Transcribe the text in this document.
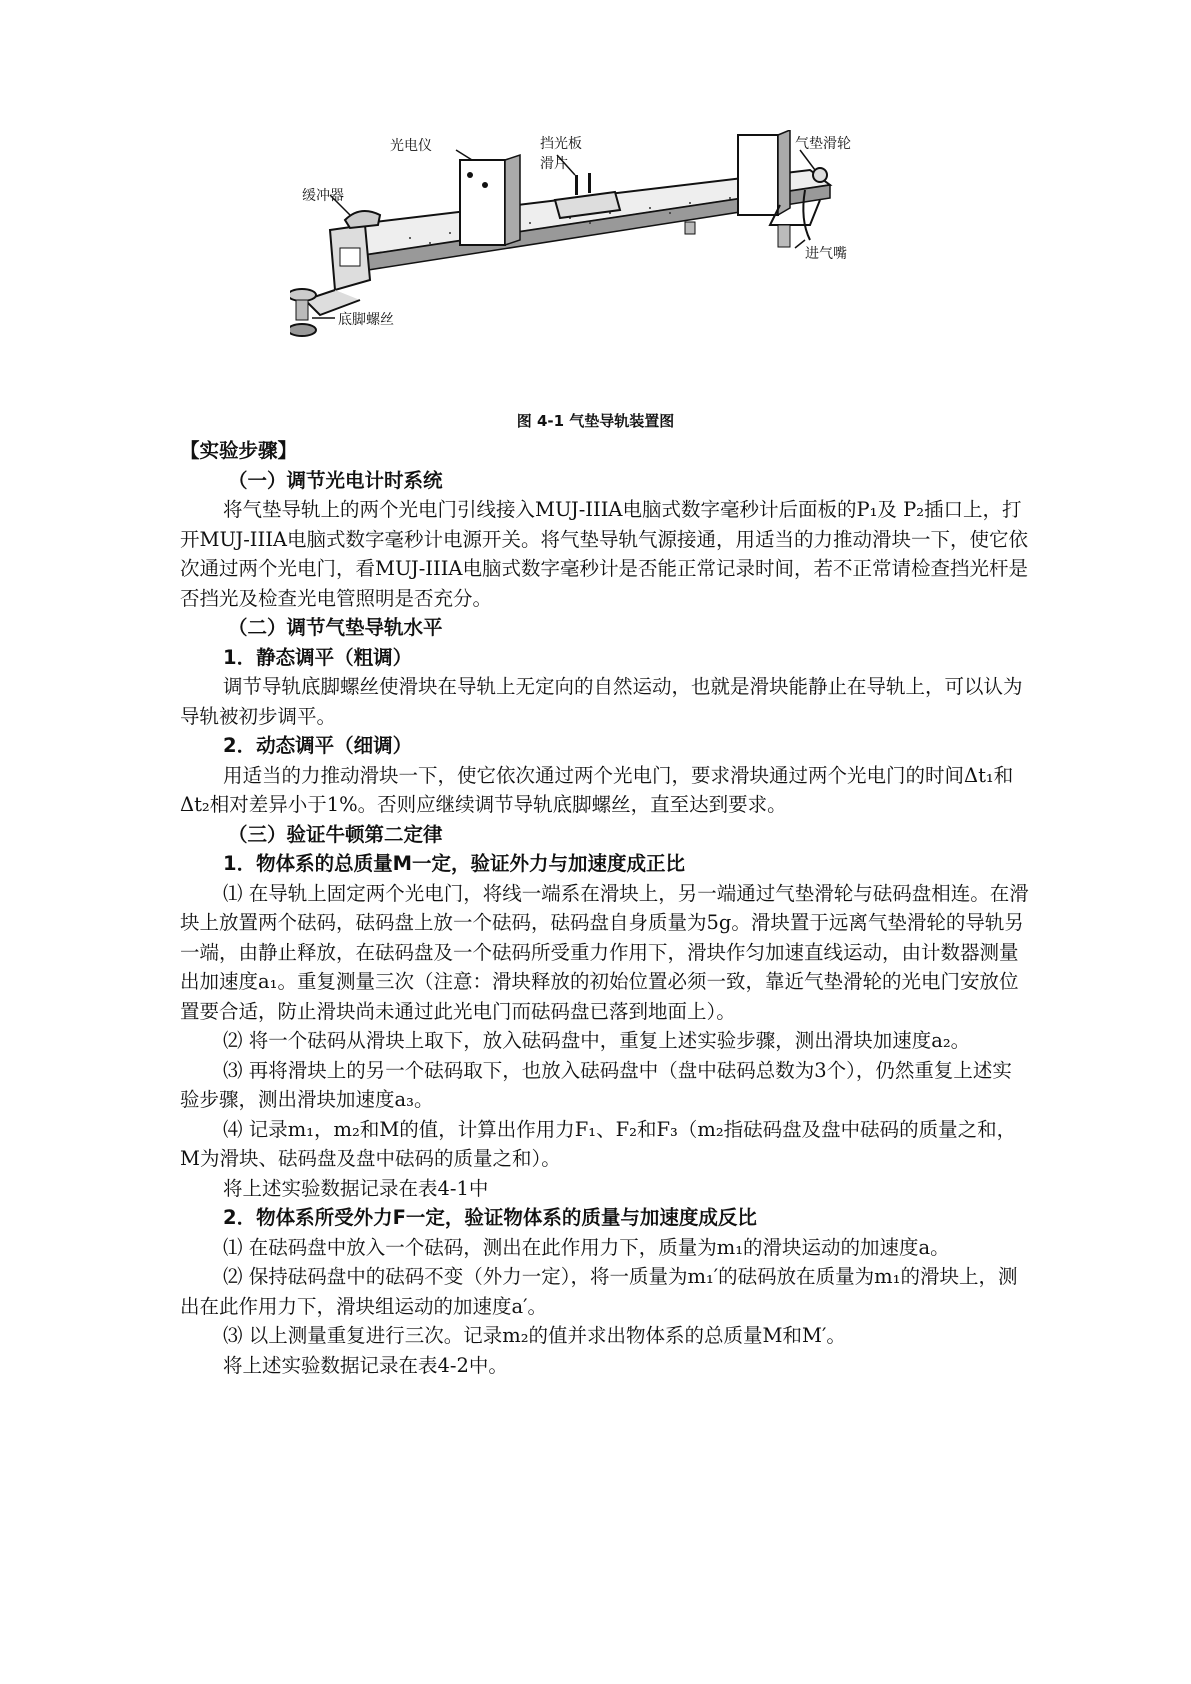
光电仪	挡光板
滑片
气垫滑轮
缓冲器
进气嘴
底脚螺丝
图 4-1 气垫导轨装置图

【实验步骤】

（一）调节光电计时系统

将气垫导轨上的两个光电门引线接入MUJ-IIIA电脑式数字毫秒计后面板的P₁及 P₂插口上，打开MUJ-IIIA电脑式数字毫秒计电源开关。将气垫导轨气源接通，用适当的力推动滑块一下，使它依次通过两个光电门，看MUJ-IIIA电脑式数字毫秒计是否能正常记录时间，若不正常请检查挡光杆是否挡光及检查光电管照明是否充分。

（二）调节气垫导轨水平

1．静态调平（粗调）

调节导轨底脚螺丝使滑块在导轨上无定向的自然运动，也就是滑块能静止在导轨上，可以认为导轨被初步调平。

2．动态调平（细调）

用适当的力推动滑块一下，使它依次通过两个光电门，要求滑块通过两个光电门的时间Δt₁和Δt₂相对差异小于1%。否则应继续调节导轨底脚螺丝，直至达到要求。

（三）验证牛顿第二定律

1．物体系的总质量M一定，验证外力与加速度成正比

⑴ 在导轨上固定两个光电门，将线一端系在滑块上，另一端通过气垫滑轮与砝码盘相连。在滑块上放置两个砝码，砝码盘上放一个砝码，砝码盘自身质量为5g。滑块置于远离气垫滑轮的导轨另一端，由静止释放，在砝码盘及一个砝码所受重力作用下，滑块作匀加速直线运动，由计数器测量出加速度a₁。重复测量三次（注意：滑块释放的初始位置必须一致，靠近气垫滑轮的光电门安放位置要合适，防止滑块尚未通过此光电门而砝码盘已落到地面上）。

⑵ 将一个砝码从滑块上取下，放入砝码盘中，重复上述实验步骤，测出滑块加速度a₂。

⑶ 再将滑块上的另一个砝码取下，也放入砝码盘中（盘中砝码总数为3个），仍然重复上述实验步骤，测出滑块加速度a₃。

⑷ 记录m₁，m₂和M的值，计算出作用力F₁、F₂和F₃（m₂指砝码盘及盘中砝码的质量之和，M为滑块、砝码盘及盘中砝码的质量之和）。

将上述实验数据记录在表4-1中

2．物体系所受外力F一定，验证物体系的质量与加速度成反比

⑴ 在砝码盘中放入一个砝码，测出在此作用力下，质量为m₁的滑块运动的加速度a。

⑵ 保持砝码盘中的砝码不变（外力一定），将一质量为m₁′的砝码放在质量为m₁的滑块上，测出在此作用力下，滑块组运动的加速度a′。

⑶ 以上测量重复进行三次。记录m₂的值并求出物体系的总质量M和M′。

将上述实验数据记录在表4-2中。
